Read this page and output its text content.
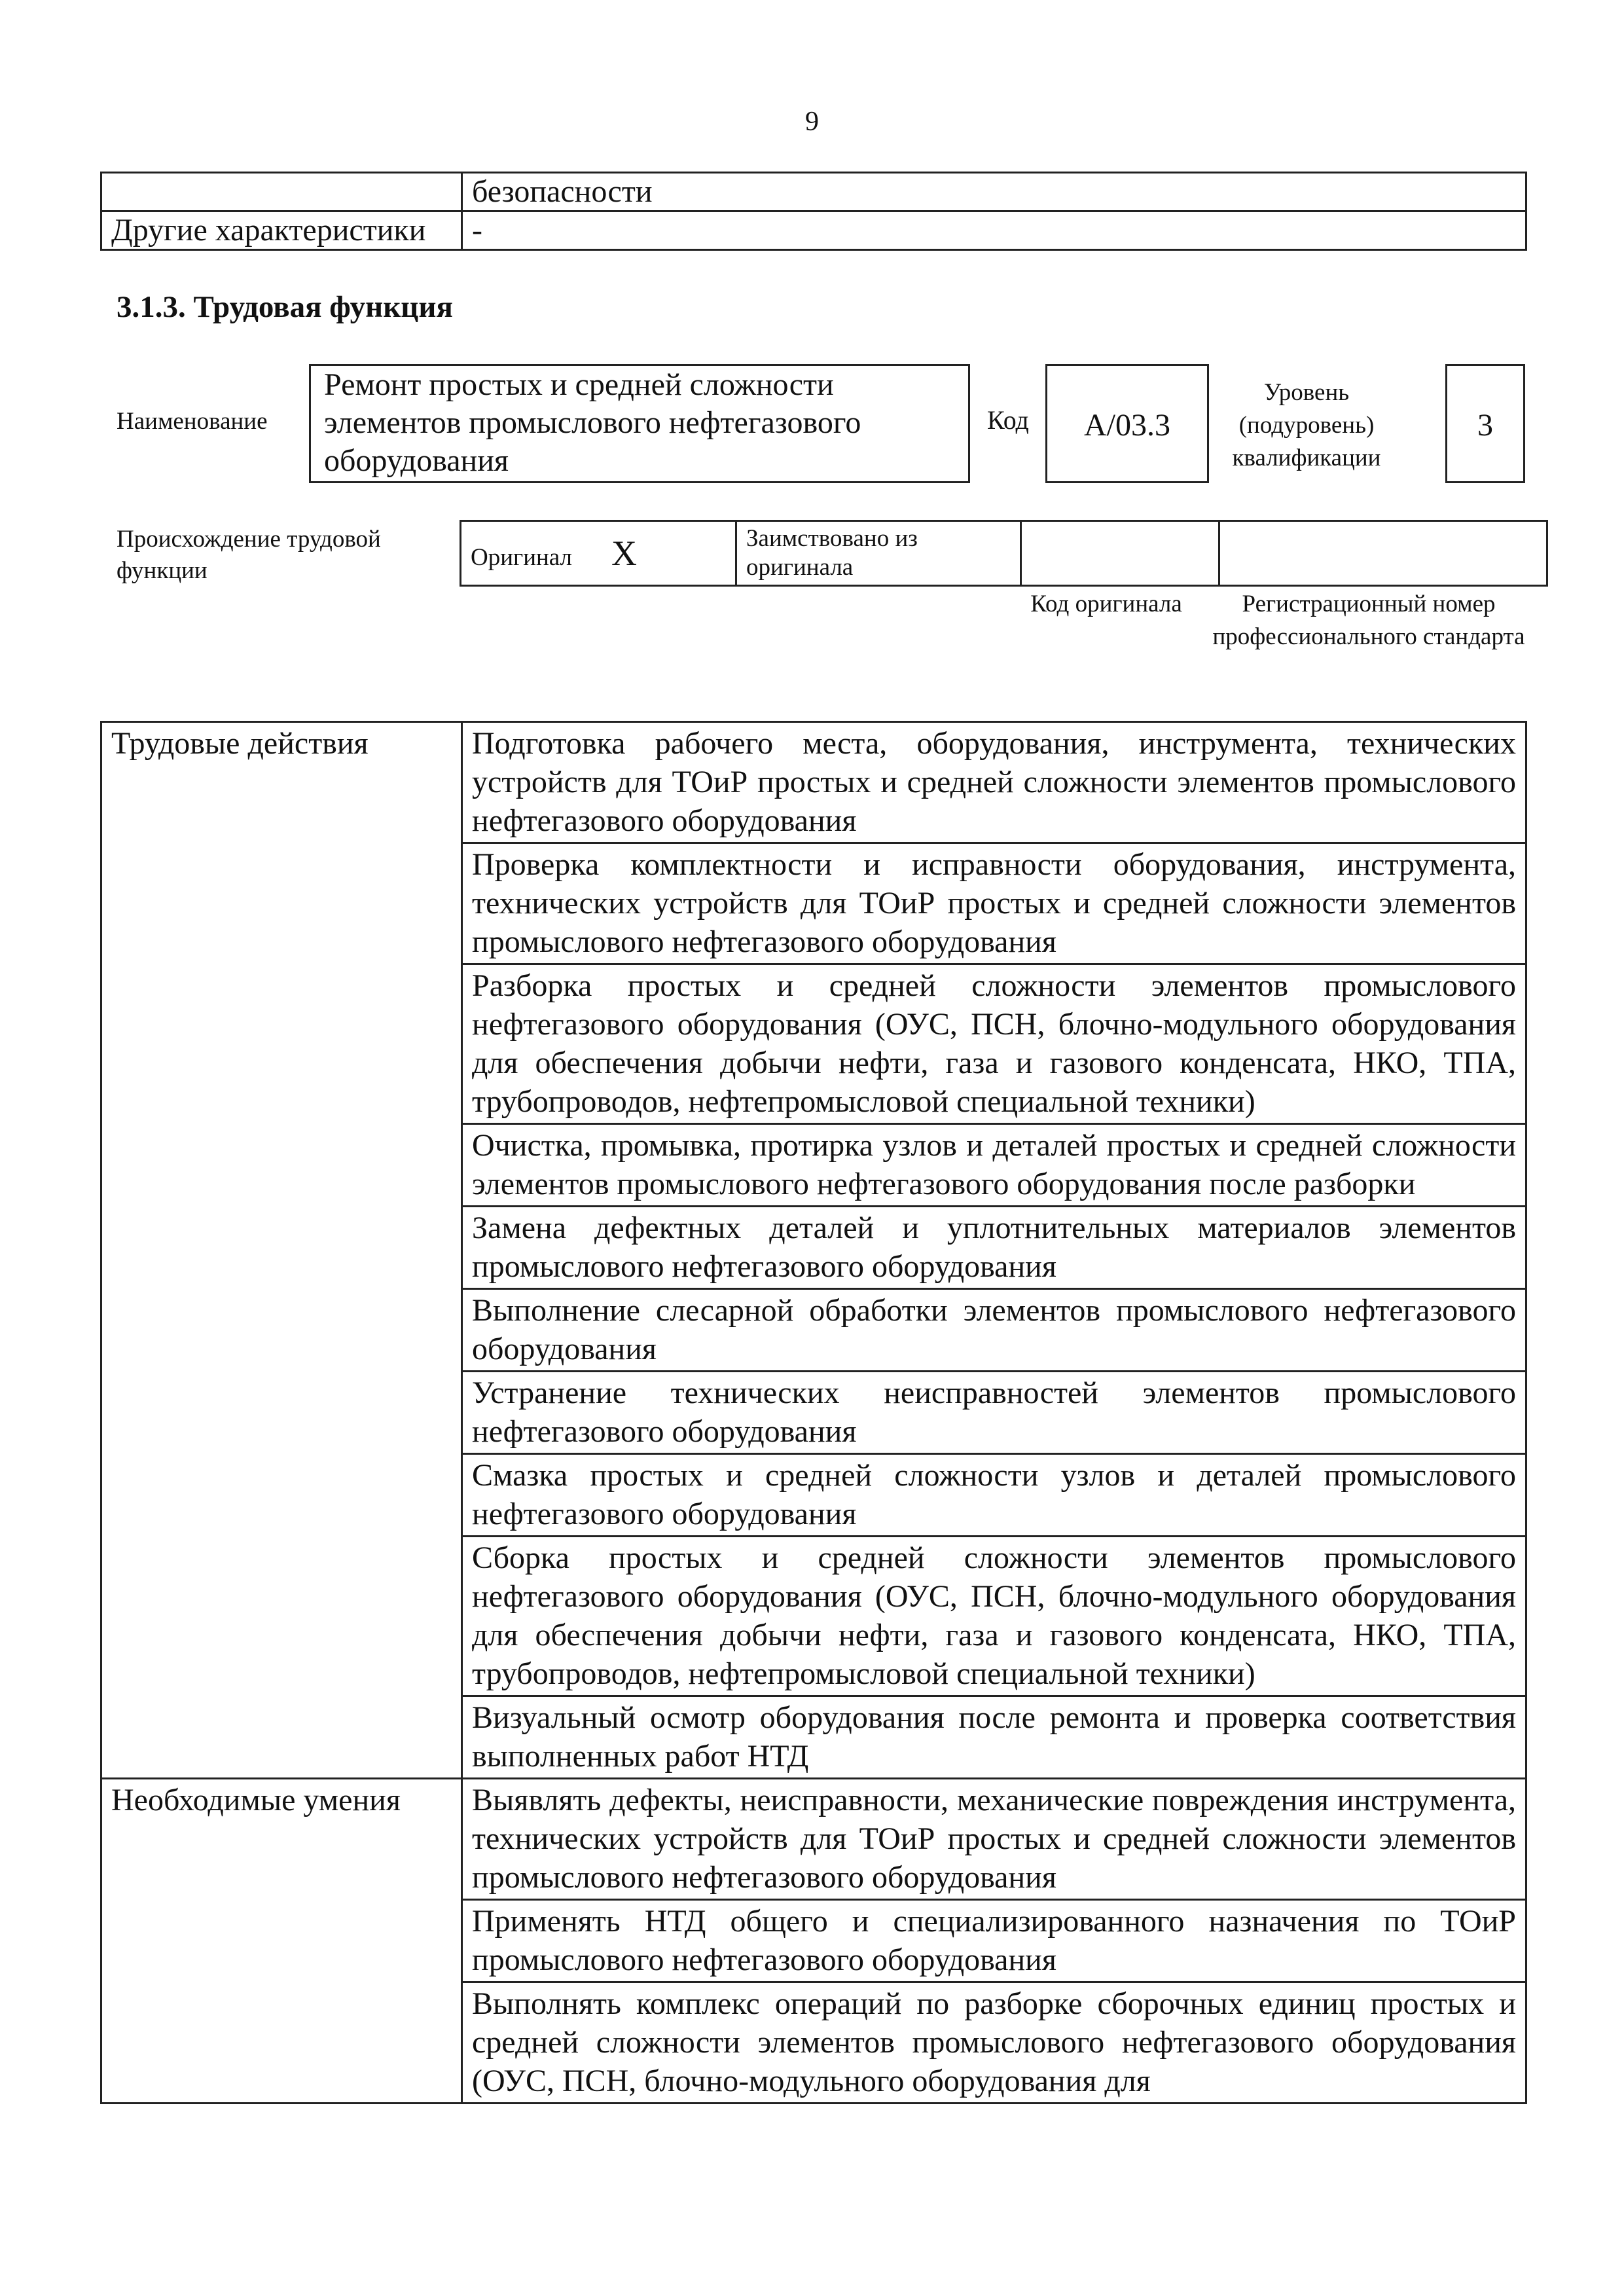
9
	безопасности
Другие характеристики	-
3.1.3. Трудовая функция
Наименование
Ремонт простых и средней сложности элементов промыслового нефтегазового оборудования
Код	А/03.3
Уровень
(подуровень)
квалификации
3
Происхождение трудовой функции	Оригинал X	Заимствовано из оригинала		
Код оригинала	Регистрационный номер профессионального стандарта
Трудовые действия	Подготовка рабочего места, оборудования, инструмента, технических устройств для ТОиР простых и средней сложности элементов промыслового нефтегазового оборудования
	Проверка комплектности и исправности оборудования, инструмента, технических устройств для ТОиР простых и средней сложности элементов промыслового нефтегазового оборудования
	Разборка простых и средней сложности элементов промыслового нефтегазового оборудования (ОУС, ПСН, блочно-модульного оборудования для обеспечения добычи нефти, газа и газового конденсата, НКО, ТПА, трубопроводов, нефтепромысловой специальной техники)
	Очистка, промывка, протирка узлов и деталей простых и средней сложности элементов промыслового нефтегазового оборудования после разборки
	Замена дефектных деталей и уплотнительных материалов элементов промыслового нефтегазового оборудования
	Выполнение слесарной обработки элементов промыслового нефтегазового оборудования
	Устранение технических неисправностей элементов промыслового нефтегазового оборудования
	Смазка простых и средней сложности узлов и деталей промыслового нефтегазового оборудования
	Сборка простых и средней сложности элементов промыслового нефтегазового оборудования (ОУС, ПСН, блочно-модульного оборудования для обеспечения добычи нефти, газа и газового конденсата, НКО, ТПА, трубопроводов, нефтепромысловой специальной техники)
	Визуальный осмотр оборудования после ремонта и проверка соответствия выполненных работ НТД
Необходимые умения	Выявлять дефекты, неисправности, механические повреждения инструмента, технических устройств для ТОиР простых и средней сложности элементов промыслового нефтегазового оборудования
	Применять НТД общего и специализированного назначения по ТОиР промыслового нефтегазового оборудования
	Выполнять комплекс операций по разборке сборочных единиц простых и средней сложности элементов промыслового нефтегазового оборудования (ОУС, ПСН, блочно-модульного оборудования для
